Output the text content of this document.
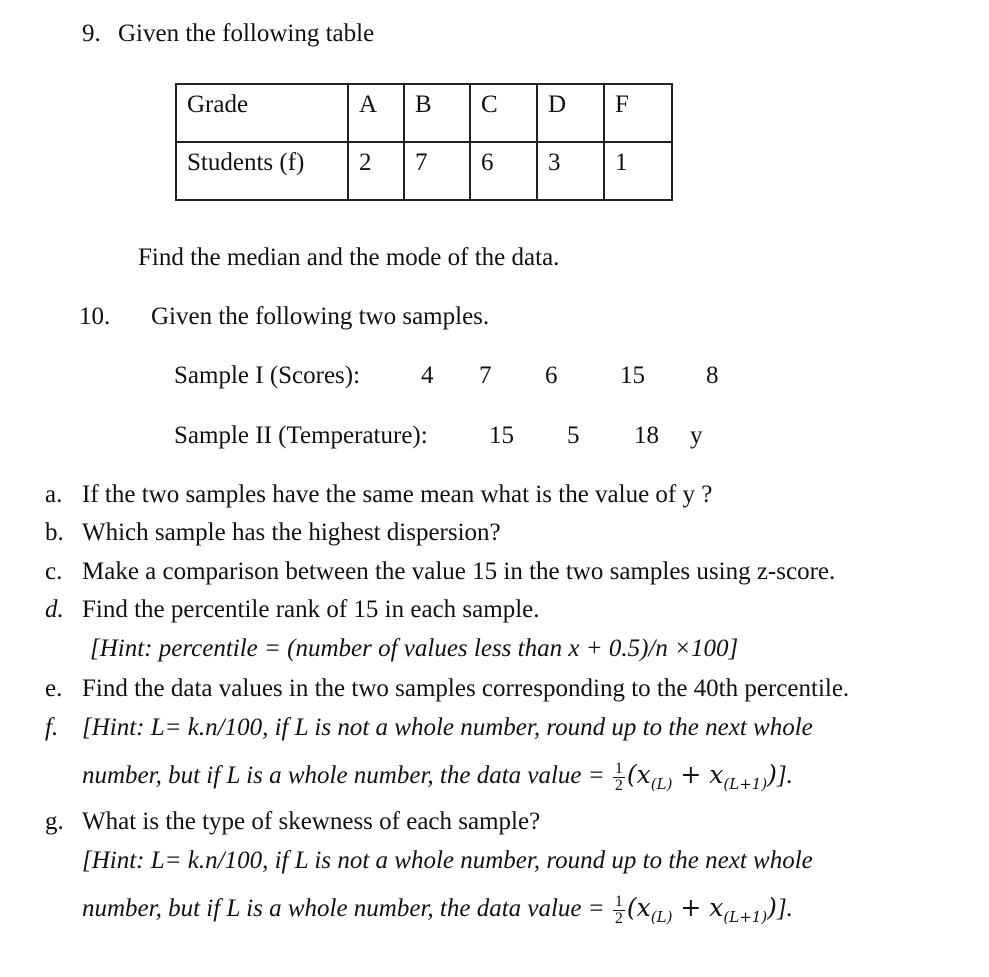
9. Given the following table
Grade	A	B	C	D	F

Students (f)	2	7	6	3	1
Find the median and the mode of the data.
10. Given the following two samples.
Sample I (Scores): 4 7 6	15 8
Sample II (Temperature): 15 5 18 y
a. If the two samples have the same mean what is the value of y ?
b. Which sample has the highest dispersion?
c. Make a comparison between the value 15 in the two samples using z-score.
d. Find the percentile rank of 15 in each sample.
[Hint: percentile = (number of values less than x + 0.5)/n ×100]
e. Find the data values in the two samples corresponding to the 40th percentile.
f. [Hint: L= k.n/100, if L is not a whole number, round up to the next whole
number, but if L is a whole number, the data value = $\frac{1}{2} (x_{(L)} + x_{(L+1)})$].
g. What is the type of skewness of each sample?
[Hint: L= k.n/100, if L is not a whole number, round up to the next whole
number, but if L is a whole number, the data value = $\frac{1}{2} (x_{(L)} + x_{(L+1)})$].
